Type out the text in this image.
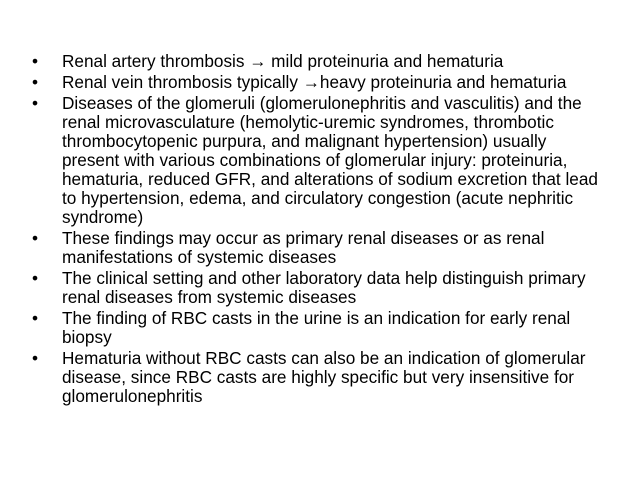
•	Renal artery thrombosis → mild proteinuria and hematuria
•	Renal vein thrombosis typically →heavy proteinuria and hematuria
•	Diseases of the glomeruli (glomerulonephritis and vasculitis) and the renal microvasculature (hemolytic-uremic syndromes, thrombotic thrombocytopenic purpura, and malignant hypertension) usually present with various combinations of glomerular injury: proteinuria, hematuria, reduced GFR, and alterations of sodium excretion that lead to hypertension, edema, and circulatory congestion (acute nephritic syndrome)
•	These findings may occur as primary renal diseases or as renal manifestations of systemic diseases
•	The clinical setting and other laboratory data help distinguish primary renal diseases from systemic diseases
•	The finding of RBC casts in the urine is an indication for early renal biopsy
•	Hematuria without RBC casts can also be an indication of glomerular disease, since RBC casts are highly specific but very insensitive for glomerulonephritis
